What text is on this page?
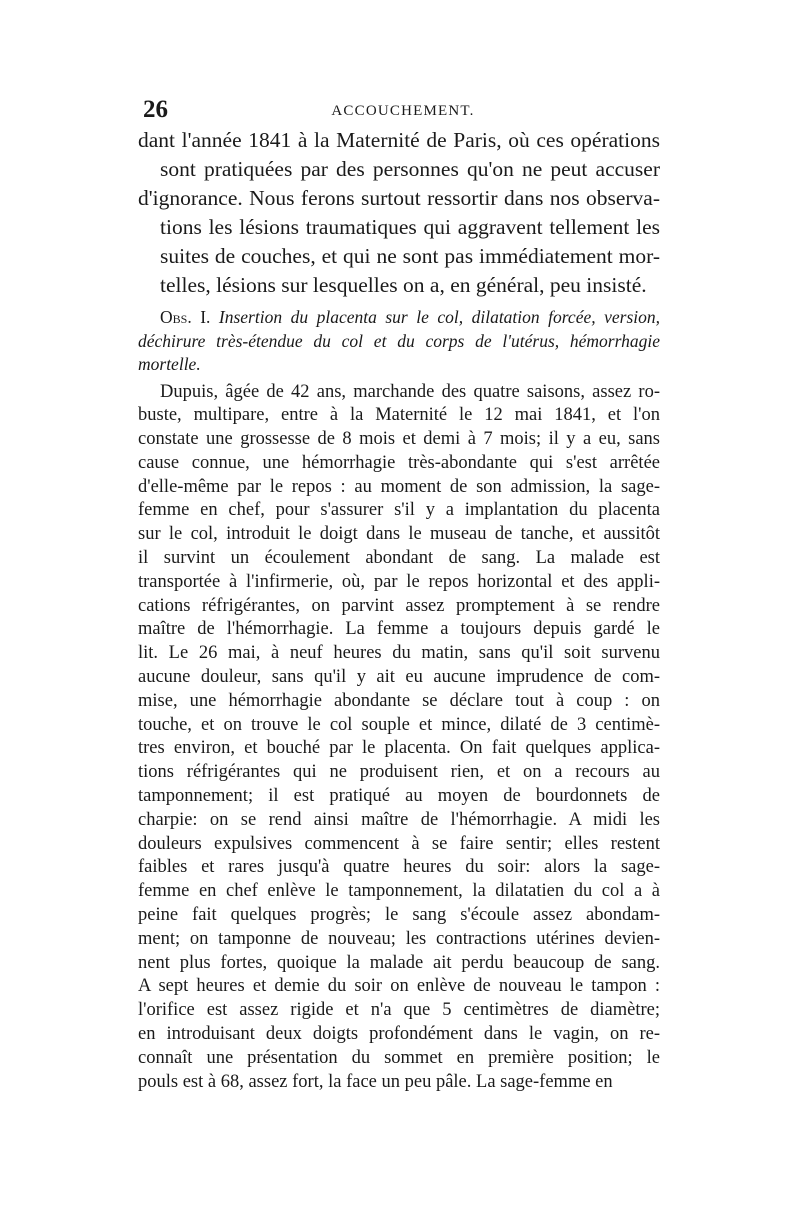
26	ACCOUCHEMENT.
dant l'année 1841 à la Maternité de Paris, où ces opérations
sont pratiquées par des personnes qu'on ne peut accuser
d'ignorance. Nous ferons surtout ressortir dans nos observa-
tions les lésions traumatiques qui aggravent tellement les
suites de couches, et qui ne sont pas immédiatement mor-
telles, lésions sur lesquelles on a, en général, peu insisté.
Obs. I. Insertion du placenta sur le col, dilatation forcée, version,
déchirure très-étendue du col et du corps de l'utérus, hémorrhagie
mortelle.
Dupuis, âgée de 42 ans, marchande des quatre saisons, assez ro-
buste, multipare, entre à la Maternité le 12 mai 1841, et l'on
constate une grossesse de 8 mois et demi à 7 mois; il y a eu, sans
cause connue, une hémorrhagie très-abondante qui s'est arrêtée
d'elle-même par le repos : au moment de son admission, la sage-
femme en chef, pour s'assurer s'il y a implantation du placenta
sur le col, introduit le doigt dans le museau de tanche, et aussitôt
il survint un écoulement abondant de sang. La malade est
transportée à l'infirmerie, où, par le repos horizontal et des appli-
cations réfrigérantes, on parvint assez promptement à se rendre
maître de l'hémorrhagie. La femme a toujours depuis gardé le
lit. Le 26 mai, à neuf heures du matin, sans qu'il soit survenu
aucune douleur, sans qu'il y ait eu aucune imprudence de com-
mise, une hémorrhagie abondante se déclare tout à coup : on
touche, et on trouve le col souple et mince, dilaté de 3 centimè-
tres environ, et bouché par le placenta. On fait quelques applica-
tions réfrigérantes qui ne produisent rien, et on a recours au
tamponnement; il est pratiqué au moyen de bourdonnets de
charpie: on se rend ainsi maître de l'hémorrhagie. A midi les
douleurs expulsives commencent à se faire sentir; elles restent
faibles et rares jusqu'à quatre heures du soir: alors la sage-
femme en chef enlève le tamponnement, la dilatatien du col a à
peine fait quelques progrès; le sang s'écoule assez abondam-
ment; on tamponne de nouveau; les contractions utérines devien-
nent plus fortes, quoique la malade ait perdu beaucoup de sang.
A sept heures et demie du soir on enlève de nouveau le tampon :
l'orifice est assez rigide et n'a que 5 centimètres de diamètre;
en introduisant deux doigts profondément dans le vagin, on re-
connaît une présentation du sommet en première position; le
pouls est à 68, assez fort, la face un peu pâle. La sage-femme en
